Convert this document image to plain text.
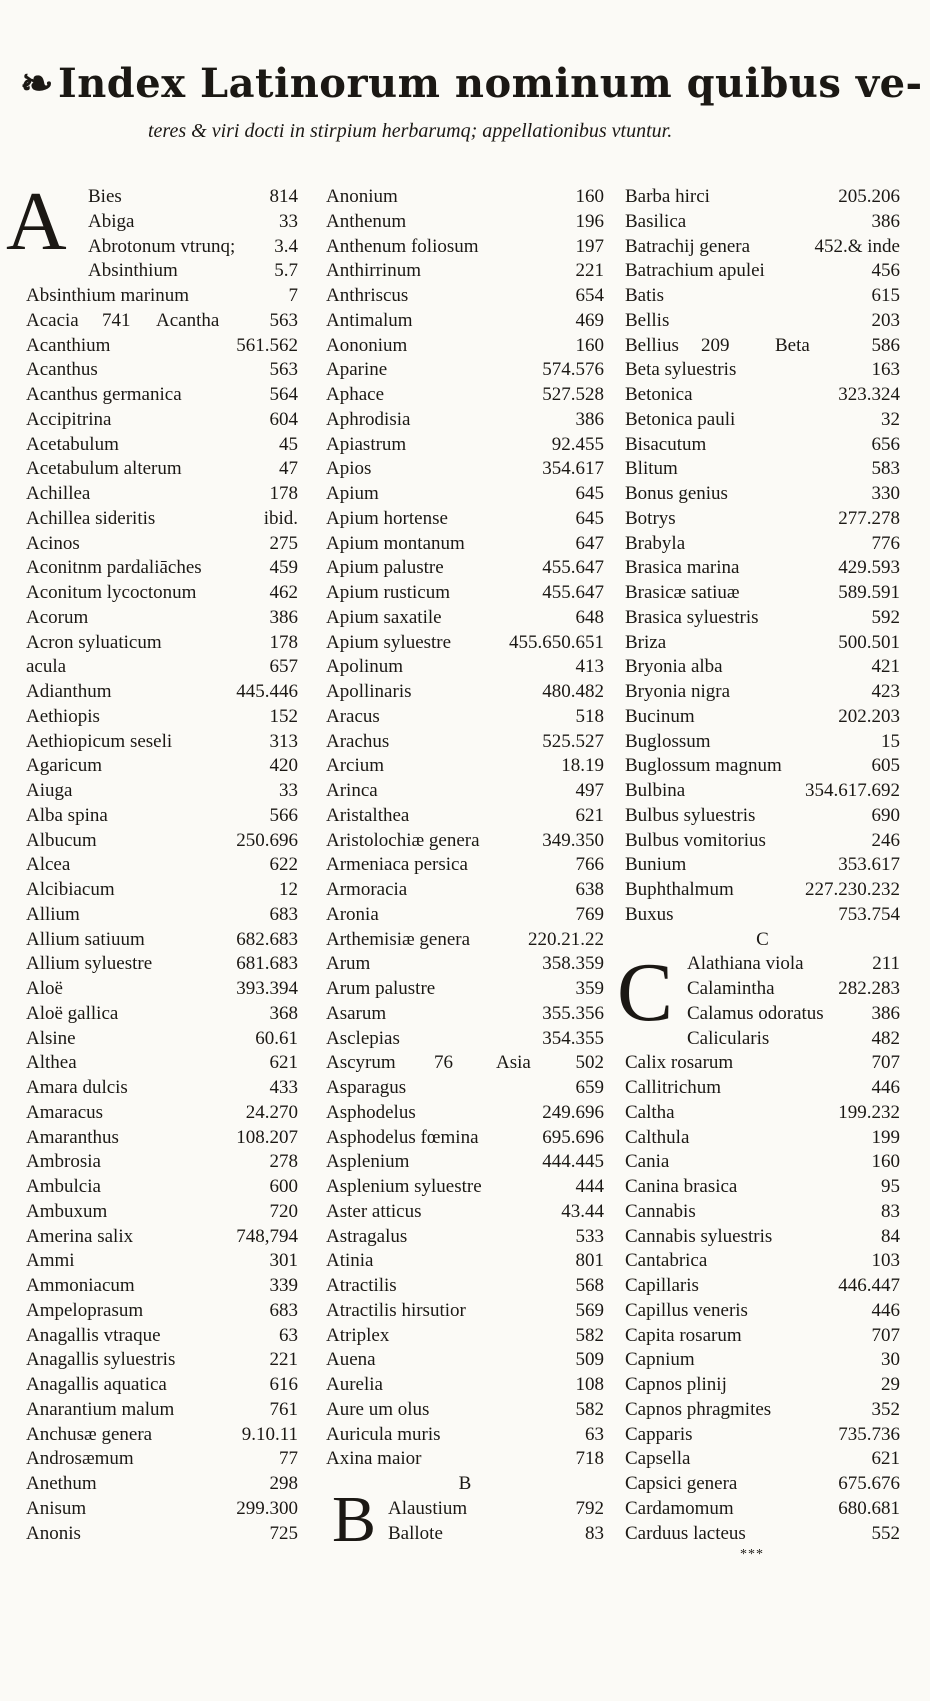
❧ Index Latinorum nominum quibus ve-
teres & viri docti in stirpium herbarumq; appellationibus vtuntur.
A
B
C
Bies	814
Abiga	33
Abrotonum vtrunq; 3.4
Absinthium	5.7
Absinthium marinum	7
Acacia 741 Acantha	563
Acanthium	561.562
Acanthus	563
Acanthus germanica	564
Accipitrina	604
Acetabulum	45
Acetabulum alterum	47
Achillea	178
Achillea sideritis	ibid.
Acinos	275
Aconitnm pardaliāches	459
Aconitum lycoctonum	462
Acorum	386
Acron syluaticum	178
acula	657
Adianthum	445.446
Aethiopis	152
Aethiopicum seseli	313
Agaricum	420
Aiuga	33
Alba spina	566
Albucum	250.696
Alcea	622
Alcibiacum	12
Allium	683
Allium satiuum	682.683
Allium syluestre	681.683
Aloë	393.394
Aloë gallica	368
Alsine	60.61
Althea	621
Amara dulcis	433
Amaracus	24.270
Amaranthus	108.207
Ambrosia	278
Ambulcia	600
Ambuxum	720
Amerina salix	748,794
Ammi	301
Ammoniacum	339
Ampeloprasum	683
Anagallis vtraque	63
Anagallis syluestris	221
Anagallis aquatica	616
Anarantium malum	761
Anchusæ genera	9.10.11
Androsæmum	77
Anethum	298
Anisum	299.300
Anonis	725
Anonium	160
Anthenum	196
Anthenum foliosum	197
Anthirrinum	221
Anthriscus	654
Antimalum	469
Aononium	160
Aparine	574.576
Aphace	527.528
Aphrodisia	386
Apiastrum	92.455
Apios	354.617
Apium	645
Apium hortense	645
Apium montanum	647
Apium palustre	455.647
Apium rusticum	455.647
Apium saxatile	648
Apium syluestre	455.650.651
Apolinum	413
Apollinaris	480.482
Aracus	518
Arachus	525.527
Arcium	18.19
Arinca	497
Aristalthea	621
Aristolochiæ genera	349.350
Armeniaca persica	766
Armoracia	638
Aronia	769
Arthemisiæ genera	220.21.22
Arum	358.359
Arum palustre	359
Asarum	355.356
Asclepias	354.355
Ascyrum 76 Asia 502
Asparagus	659
Asphodelus	249.696
Asphodelus fœmina	695.696
Asplenium	444.445
Asplenium syluestre	444
Aster atticus	43.44
Astragalus	533
Atinia	801
Atractilis	568
Atractilis hirsutior	569
Atriplex	582
Auena	509
Aurelia	108
Aure um olus	582
Auricula muris	63
Axina maior	718
B
Alaustium	792
Ballote	83
Barba hirci	205.206
Basilica	386
Batrachij genera	452.& inde
Batrachium apulei	456
Batis	615
Bellis	203
Bellius 209 Beta	586
Beta syluestris	163
Betonica	323.324
Betonica pauli	32
Bisacutum	656
Blitum	583
Bonus genius	330
Botrys	277.278
Brabyla	776
Brasica marina	429.593
Brasicæ satiuæ	589.591
Brasica syluestris	592
Briza	500.501
Bryonia alba	421
Bryonia nigra	423
Bucinum	202.203
Buglossum	15
Buglossum magnum	605
Bulbina	354.617.692
Bulbus syluestris	690
Bulbus vomitorius	246
Bunium	353.617
Buphthalmum	227.230.232
Buxus	753.754
C
Alathiana viola	211
Calamintha	282.283
Calamus odoratus	386
Calicularis	482
Calix rosarum	707
Callitrichum	446
Caltha	199.232
Calthula	199
Cania	160
Canina brasica	95
Cannabis	83
Cannabis syluestris	84
Cantabrica	103
Capillaris	446.447
Capillus veneris	446
Capita rosarum	707
Capnium	30
Capnos plinij	29
Capnos phragmites	352
Capparis	735.736
Capsella	621
Capsici genera	675.676
Cardamomum	680.681
Carduus lacteus	552
***
